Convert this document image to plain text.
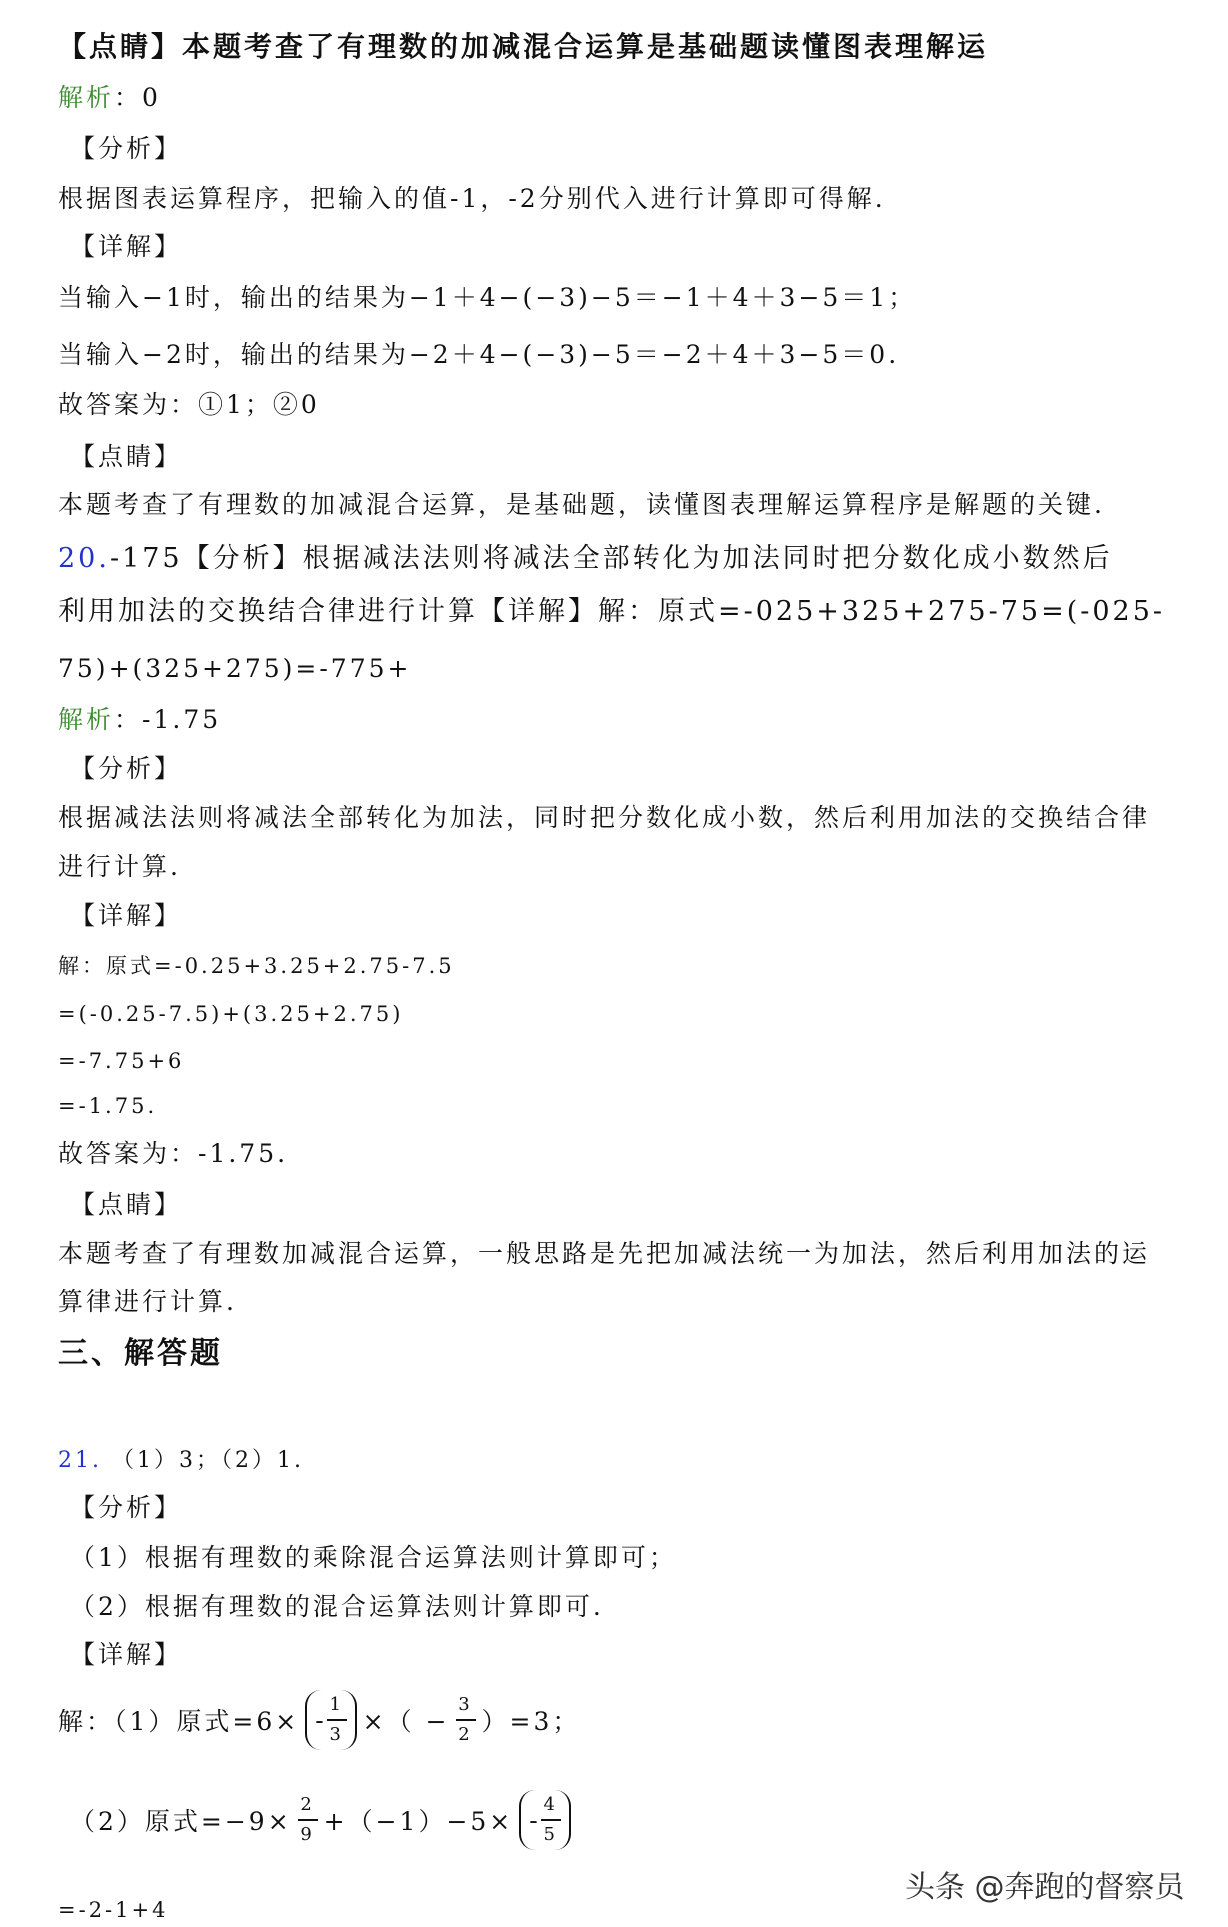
【点睛】本题考查了有理数的加减混合运算是基础题读懂图表理解运
解析：0
【分析】
根据图表运算程序，把输入的值-1，-2分别代入进行计算即可得解.
【详解】
当输入−1时，输出的结果为−1＋4−(−3)−5＝−1＋4＋3−5＝1；
当输入−2时，输出的结果为−2＋4−(−3)−5＝−2＋4＋3−5＝0.
故答案为：①1；②0
【点睛】
本题考查了有理数的加减混合运算，是基础题，读懂图表理解运算程序是解题的关键.
20.-175【分析】根据减法法则将减法全部转化为加法同时把分数化成小数然后
利用加法的交换结合律进行计算【详解】解：原式=-025+325+275-75=(-025-
75)+(325+275)=-775+
解析：-1.75
【分析】
根据减法法则将减法全部转化为加法，同时把分数化成小数，然后利用加法的交换结合律
进行计算.
【详解】
解：原式=-0.25+3.25+2.75-7.5
=(-0.25-7.5)+(3.25+2.75)
=-7.75+6
=-1.75.
故答案为：-1.75.
【点睛】
本题考查了有理数加减混合运算，一般思路是先把加减法统一为加法，然后利用加法的运
算律进行计算.
三、解答题
21. （1）3；（2）1.
【分析】
（1）根据有理数的乘除混合运算法则计算即可；
（2）根据有理数的混合运算法则计算即可.
【详解】
解：（1）原式$=6\times - \frac{1}{3}$ ×（ − $\frac{3}{2} )=3$；
（2）原式$=-9\times \frac{2}{9} +(-1)-5\times - \frac{4}{5}$
=-2-1+4
头条 @奔跑的督察员
